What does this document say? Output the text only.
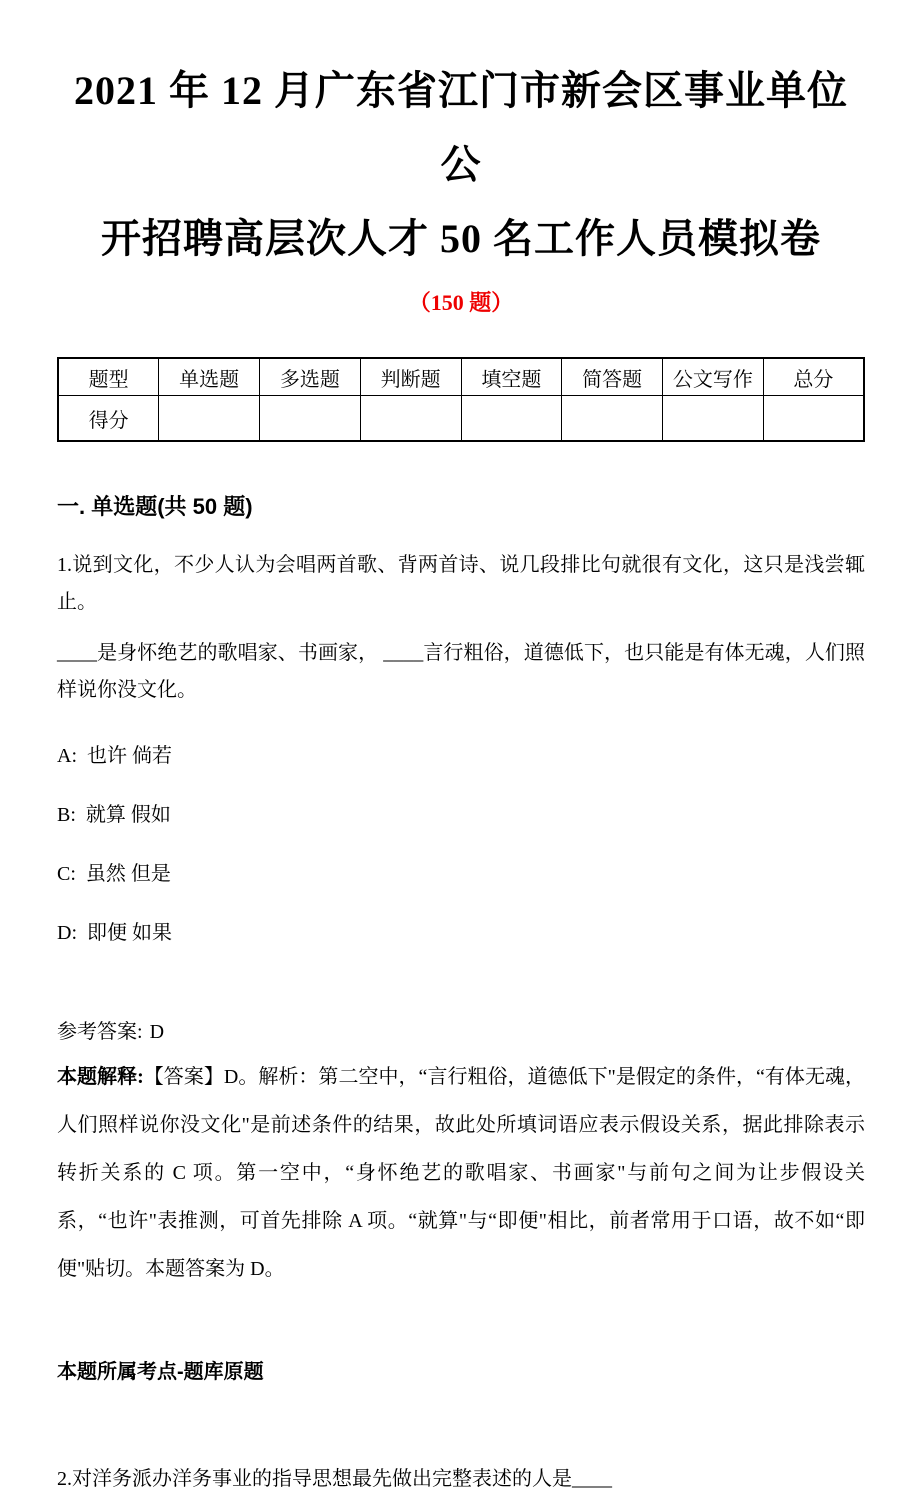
2021 年 12 月广东省江门市新会区事业单位公
开招聘高层次人才 50 名工作人员模拟卷
（150 题）
题型	单选题	多选题	判断题	填空题	简答题	公文写作	总分
得分							
一. 单选题(共 50 题)
1.说到文化，不少人认为会唱两首歌、背两首诗、说几段排比句就很有文化，这只是浅尝辄止。
____是身怀绝艺的歌唱家、书画家， ____言行粗俗，道德低下，也只能是有体无魂，人们照样说你没文化。
A: 也许 倘若
B: 就算 假如
C: 虽然 但是
D: 即便 如果
参考答案: D
本题解释:【答案】D。解析：第二空中，“言行粗俗，道德低下"是假定的条件，“有体无魂，人们照样说你没文化"是前述条件的结果，故此处所填词语应表示假设关系，据此排除表示转折关系的 C 项。第一空中，“身怀绝艺的歌唱家、书画家"与前句之间为让步假设关系，“也许"表推测，可首先排除 A 项。“就算"与“即便"相比，前者常用于口语，故不如“即便"贴切。本题答案为 D。
本题所属考点-题库原题
2.对洋务派办洋务事业的指导思想最先做出完整表述的人是____
